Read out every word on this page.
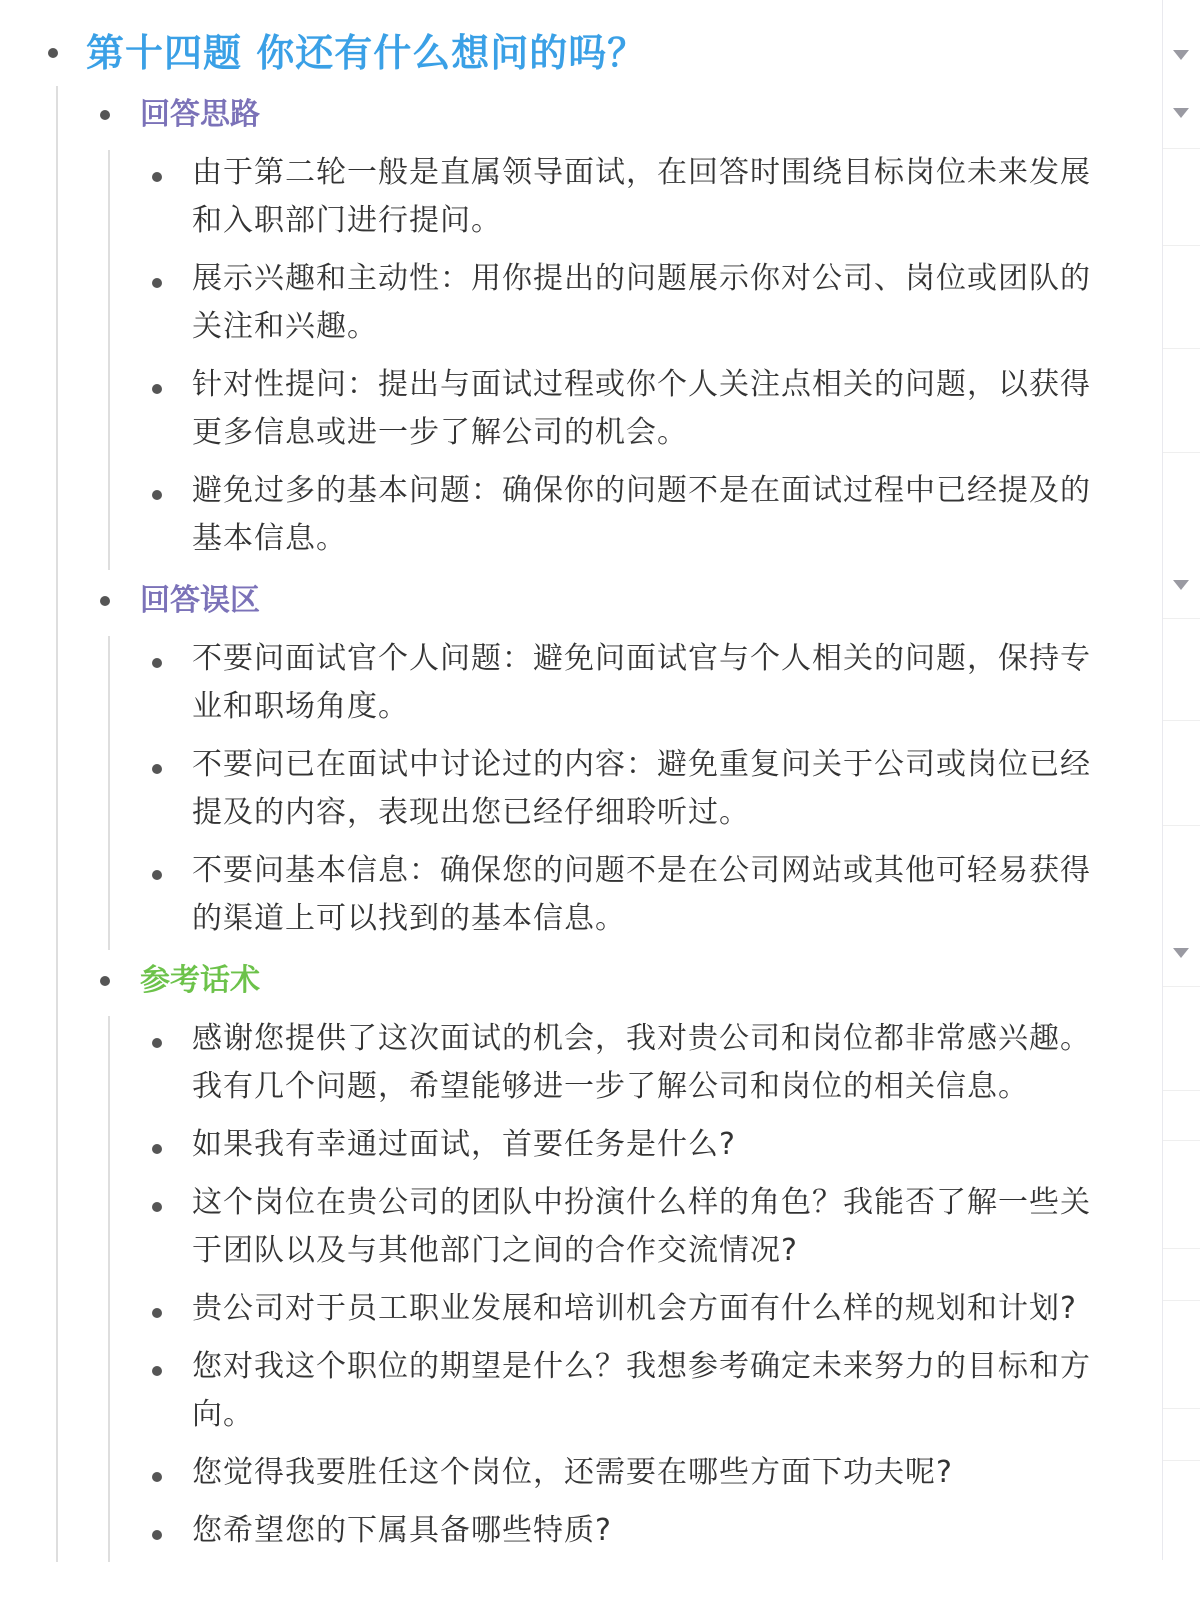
第十四题 你还有什么想问的吗？
回答思路
由于第二轮一般是直属领导面试，在回答时围绕目标岗位未来发展和入职部门进行提问。
展示兴趣和主动性：用你提出的问题展示你对公司、岗位或团队的关注和兴趣。
针对性提问：提出与面试过程或你个人关注点相关的问题，以获得更多信息或进一步了解公司的机会。
避免过多的基本问题：确保你的问题不是在面试过程中已经提及的基本信息。
回答误区
不要问面试官个人问题：避免问面试官与个人相关的问题，保持专业和职场角度。
不要问已在面试中讨论过的内容：避免重复问关于公司或岗位已经提及的内容，表现出您已经仔细聆听过。
不要问基本信息：确保您的问题不是在公司网站或其他可轻易获得的渠道上可以找到的基本信息。
参考话术
感谢您提供了这次面试的机会，我对贵公司和岗位都非常感兴趣。我有几个问题，希望能够进一步了解公司和岗位的相关信息。
如果我有幸通过面试，首要任务是什么?
这个岗位在贵公司的团队中扮演什么样的角色？我能否了解一些关于团队以及与其他部门之间的合作交流情况?
贵公司对于员工职业发展和培训机会方面有什么样的规划和计划?
您对我这个职位的期望是什么？我想参考确定未来努力的目标和方向。
您觉得我要胜任这个岗位，还需要在哪些方面下功夫呢?
您希望您的下属具备哪些特质?
